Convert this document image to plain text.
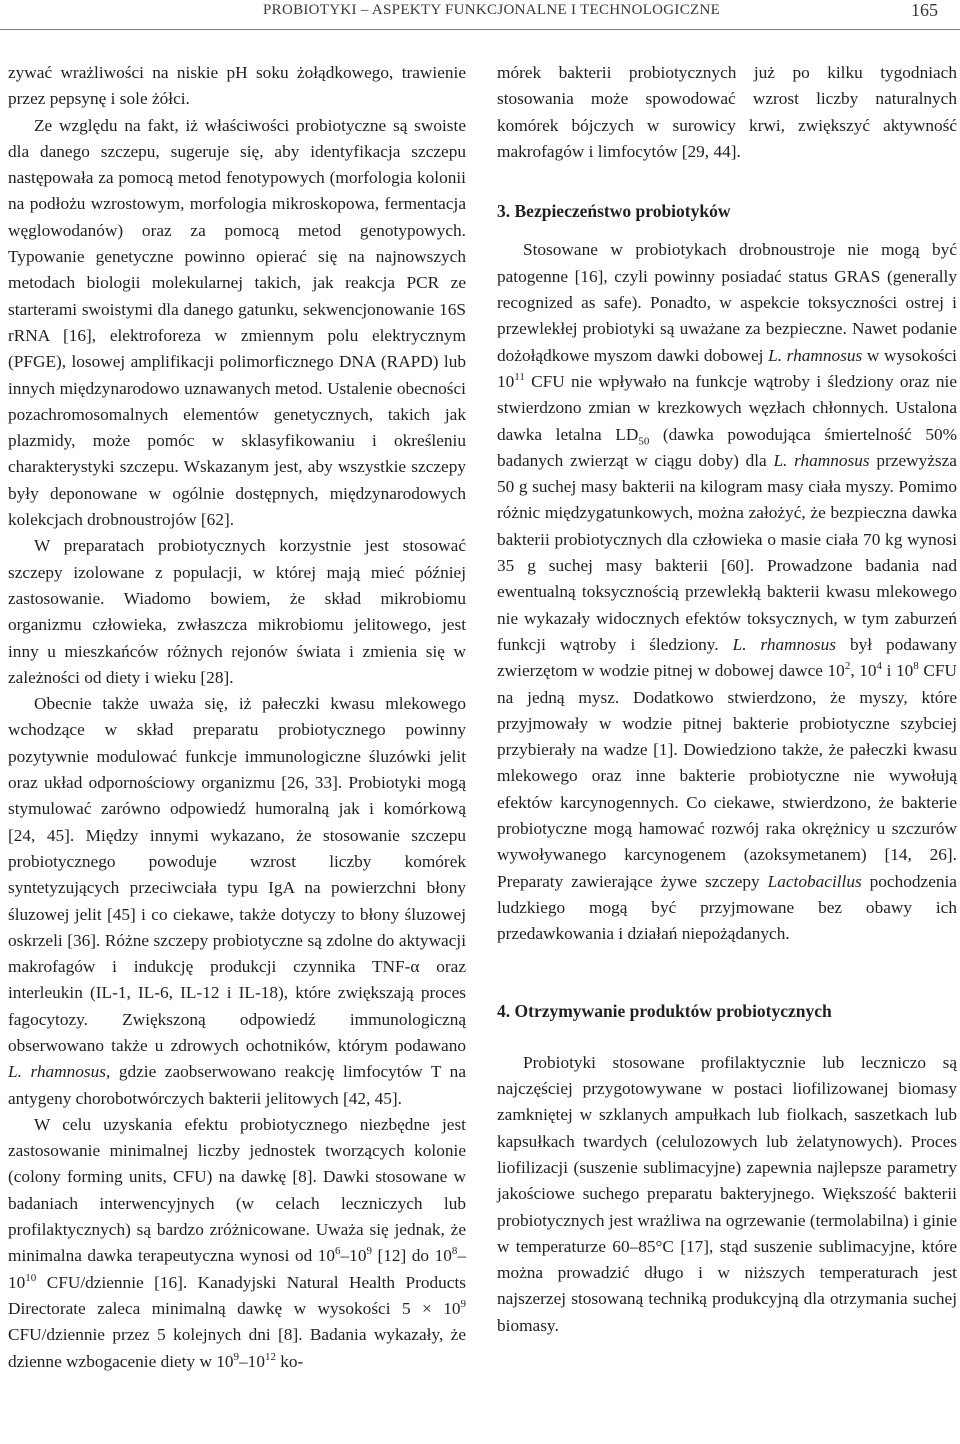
PROBIOTYKI – ASPEKTY FUNKCJONALNE I TECHNOLOGICZNE	165

zywać wrażliwości na niskie pH soku żołądkowego, trawienie przez pepsynę i sole żółci.

Ze względu na fakt, iż właściwości probiotyczne są swoiste dla danego szczepu, sugeruje się, aby identyfikacja szczepu następowała za pomocą metod fenotypowych (morfologia kolonii na podłożu wzrostowym, morfologia mikroskopowa, fermentacja węglowodanów) oraz za pomocą metod genotypowych. Typowanie genetyczne powinno opierać się na najnowszych metodach biologii molekularnej takich, jak reakcja PCR ze starterami swoistymi dla danego gatunku, sekwencjonowanie 16S rRNA [16], elektroforeza w zmiennym polu elektrycznym (PFGE), losowej amplifikacji polimorficznego DNA (RAPD) lub innych międzynarodowo uznawanych metod. Ustalenie obecności pozachromosomalnych elementów genetycznych, takich jak plazmidy, może pomóc w sklasyfikowaniu i określeniu charakterystyki szczepu. Wskazanym jest, aby wszystkie szczepy były deponowane w ogólnie dostępnych, międzynarodowych kolekcjach drobnoustrojów [62].

W preparatach probiotycznych korzystnie jest stosować szczepy izolowane z populacji, w której mają mieć później zastosowanie. Wiadomo bowiem, że skład mikrobiomu organizmu człowieka, zwłaszcza mikrobiomu jelitowego, jest inny u mieszkańców różnych rejonów świata i zmienia się w zależności od diety i wieku [28].

Obecnie także uważa się, iż pałeczki kwasu mlekowego wchodzące w skład preparatu probiotycznego powinny pozytywnie modulować funkcje immunologiczne śluzówki jelit oraz układ odpornościowy organizmu [26, 33]. Probiotyki mogą stymulować zarówno odpowiedź humoralną jak i komórkową [24, 45]. Między innymi wykazano, że stosowanie szczepu probiotycznego powoduje wzrost liczby komórek syntetyzujących przeciwciała typu IgA na powierzchni błony śluzowej jelit [45] i co ciekawe, także dotyczy to błony śluzowej oskrzeli [36]. Różne szczepy probiotyczne są zdolne do aktywacji makrofagów i indukcję produkcji czynnika TNF-α oraz interleukin (IL-1, IL-6, IL-12 i IL-18), które zwiększają proces fagocytozy. Zwiększoną odpowiedź immunologiczną obserwowano także u zdrowych ochotników, którym podawano L. rhamnosus, gdzie zaobserwowano reakcję limfocytów T na antygeny chorobotwórczych bakterii jelitowych [42, 45].

W celu uzyskania efektu probiotycznego niezbędne jest zastosowanie minimalnej liczby jednostek tworzących kolonie (colony forming units, CFU) na dawkę [8]. Dawki stosowane w badaniach interwencyjnych (w celach leczniczych lub profilaktycznych) są bardzo zróżnicowane. Uważa się jednak, że minimalna dawka terapeutyczna wynosi od $10^6-10^9$ [12] do $10^8-10^{10}$ CFU/dziennie [16]. Kanadyjski Natural Health Products Directorate zaleca minimalną dawkę w wysokości $5 \times 10^9$ CFU/dziennie przez 5 kolejnych dni [8]. Badania wykazały, że dzienne wzbogacenie diety w $10^9-10^{12}$ ko-

mórek bakterii probiotycznych już po kilku tygodniach stosowania może spowodować wzrost liczby naturalnych komórek bójczych w surowicy krwi, zwiększyć aktywność makrofagów i limfocytów [29, 44].

3. Bezpieczeństwo probiotyków

Stosowane w probiotykach drobnoustroje nie mogą być patogenne [16], czyli powinny posiadać status GRAS (generally recognized as safe). Ponadto, w aspekcie toksyczności ostrej i przewlekłej probiotyki są uważane za bezpieczne. Nawet podanie dożołądkowe myszom dawki dobowej L. rhamnosus w wysokości $10^{11}$ CFU nie wpływało na funkcje wątroby i śledziony oraz nie stwierdzono zmian w krezkowych węzłach chłonnych. Ustalona dawka letalna $LD_{50}$ (dawka powodująca śmiertelność 50% badanych zwierząt w ciągu doby) dla L. rhamnosus przewyższa 50 g suchej masy bakterii na kilogram masy ciała myszy. Pomimo różnic międzygatunkowych, można założyć, że bezpieczna dawka bakterii probiotycznych dla człowieka o masie ciała 70 kg wynosi 35 g suchej masy bakterii [60]. Prowadzone badania nad ewentualną toksycznością przewlekłą bakterii kwasu mlekowego nie wykazały widocznych efektów toksycznych, w tym zaburzeń funkcji wątroby i śledziony. L. rhamnosus był podawany zwierzętom w wodzie pitnej w dobowej dawce $10^2$, $10^4$ i $10^8$ CFU na jedną mysz. Dodatkowo stwierdzono, że myszy, które przyjmowały w wodzie pitnej bakterie probiotyczne szybciej przybierały na wadze [1]. Dowiedziono także, że pałeczki kwasu mlekowego oraz inne bakterie probiotyczne nie wywołują efektów karcynogennych. Co ciekawe, stwierdzono, że bakterie probiotyczne mogą hamować rozwój raka okrężnicy u szczurów wywoływanego karcynogenem (azoksymetanem) [14, 26]. Preparaty zawierające żywe szczepy Lactobacillus pochodzenia ludzkiego mogą być przyjmowane bez obawy ich przedawkowania i działań niepożądanych.

4. Otrzymywanie produktów probiotycznych

Probiotyki stosowane profilaktycznie lub leczniczo są najczęściej przygotowywane w postaci liofilizowanej biomasy zamkniętej w szklanych ampułkach lub fiolkach, saszetkach lub kapsułkach twardych (celulozowych lub żelatynowych). Proces liofilizacji (suszenie sublimacyjne) zapewnia najlepsze parametry jakościowe suchego preparatu bakteryjnego. Większość bakterii probiotycznych jest wrażliwa na ogrzewanie (termolabilna) i ginie w temperaturze 60–85°C [17], stąd suszenie sublimacyjne, które można prowadzić długo i w niższych temperaturach jest najszerzej stosowaną techniką produkcyjną dla otrzymania suchej biomasy.
